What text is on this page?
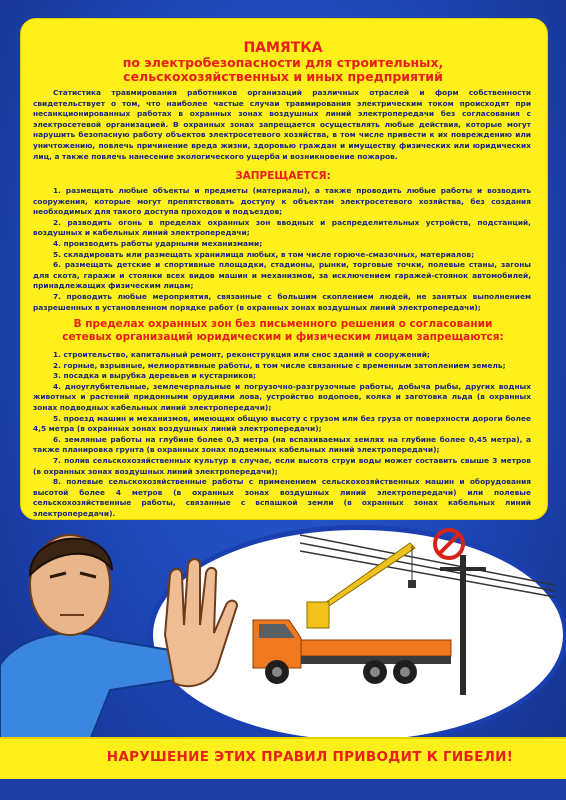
ПАМЯТКА
по электробезопасности для строительных,
сельскохозяйственных и иных предприятий

Статистика травмирования работников организаций различных отраслей и форм собственности свидетельствует о том, что наиболее частые случаи травмирования электрическим током происходят при несанкционированных работах в охранных зонах воздушных линий электропередачи без согласования с электросетевой организацией. В охранных зонах запрещается осуществлять любые действия, которые могут нарушить безопасную работу объектов электросетевого хозяйства, в том числе привести к их повреждению или уничтожению, повлечь причинение вреда жизни, здоровью граждан и имуществу физических или юридических лиц, а также повлечь нанесение экологического ущерба и возникновение пожаров.

ЗАПРЕЩАЕТСЯ:

1. размещать любые объекты и предметы (материалы), а также проводить любые работы и возводить сооружения, которые могут препятствовать доступу к объектам электросетевого хозяйства, без создания необходимых для такого доступа проходов и подъездов;

2. разводить огонь в пределах охранных зон вводных и распределительных устройств, подстанций, воздушных и кабельных линий электропередачи;

4. производить работы ударными механизмами;

5. складировать или размещать хранилища любых, в том числе горюче-смазочных, материалов;

6. размещать детские и спортивные площадки, стадионы, рынки, торговые точки, полевые станы, загоны для скота, гаражи и стоянки всех видов машин и механизмов, за исключением гаражей-стоянок автомобилей, принадлежащих физическим лицам;

7. проводить любые мероприятия, связанные с большим скоплением людей, не занятых выполнением разрешенных в установленном порядке работ (в охранных зонах воздушных линий электропередачи);

В пределах охранных зон без письменного решения о согласовании
сетевых организаций юридическим и физическим лицам запрещаются:

1. строительство, капитальный ремонт, реконструкция или снос зданий и сооружений;

2. горные, взрывные, мелиоративные работы, в том числе связанные с временным затоплением земель;

3. посадка и вырубка деревьев и кустарников;

4. дноуглубительные, землечерпальные и погрузочно-разгрузочные работы, добыча рыбы, других водных животных и растений придонными орудиями лова, устройство водопоев, колка и заготовка льда (в охранных зонах подводных кабельных линий электропередачи);

5. проезд машин и механизмов, имеющих общую высоту с грузом или без груза от поверхности дороги более 4,5 метра (в охранных зонах воздушных линий электропередачи);

6. земляные работы на глубине более 0,3 метра (на вспахиваемых землях на глубине более 0,45 метра), а также планировка грунта (в охранных зонах подземных кабельных линий электропередачи);

7. полив сельскохозяйственных культур в случае, если высота струи воды может составить свыше 3 метров (в охранных зонах воздушных линий электропередачи);

8. полевые сельскохозяйственные работы с применением сельскохозяйственных машин и оборудования высотой более 4 метров (в охранных зонах воздушных линий электропередачи) или полевые сельскохозяйственные работы, связанные с вспашкой земли (в охранных зонах кабельных линий электропередачи).

НАРУШЕНИЕ ЭТИХ ПРАВИЛ ПРИВОДИТ К ГИБЕЛИ!
